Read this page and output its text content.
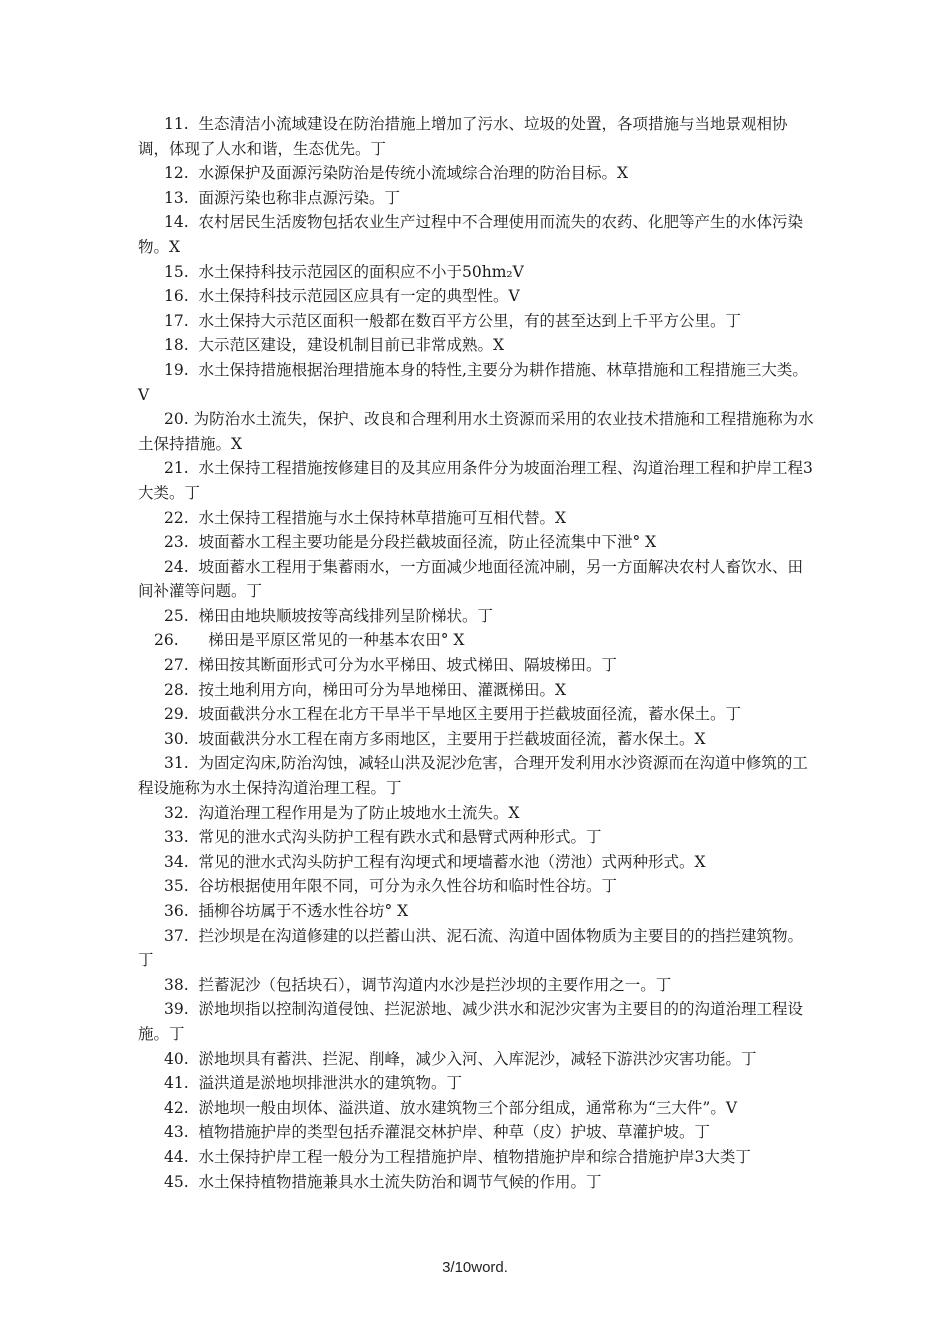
11.  生态清洁小流域建设在防治措施上增加了污水、垃圾的处置，各项措施与当地景观相协调，体现了人水和谐，生态优先。丁

12.  水源保护及面源污染防治是传统小流域综合治理的防治目标。X

13.  面源污染也称非点源污染。丁

14.  农村居民生活废物包括农业生产过程中不合理使用而流失的农药、化肥等产生的水体污染物。X

15.  水土保持科技示范园区的面积应不小于50hm₂V

16.  水土保持科技示范园区应具有一定的典型性。V

17.  水土保持大示范区面积一般都在数百平方公里，有的甚至达到上千平方公里。丁

18.  大示范区建设，建设机制目前已非常成熟。X

19.  水土保持措施根据治理措施本身的特性,主要分为耕作措施、林草措施和工程措施三大类。V

20. 为防治水土流失，保护、改良和合理利用水土资源而采用的农业技术措施和工程措施称为水土保持措施。X

21.  水土保持工程措施按修建目的及其应用条件分为坡面治理工程、沟道治理工程和护岸工程3大类。丁

22.  水土保持工程措施与水土保持林草措施可互相代替。X

23.  坡面蓄水工程主要功能是分段拦截坡面径流，防止径流集中下泄° X

24.  坡面蓄水工程用于集蓄雨水，一方面减少地面径流冲刷，另一方面解决农村人畜饮水、田间补灌等问题。丁

25.  梯田由地块顺坡按等高线排列呈阶梯状。丁

26.      梯田是平原区常见的一种基本农田° X

27.  梯田按其断面形式可分为水平梯田、坡式梯田、隔坡梯田。丁

28.  按土地利用方向，梯田可分为旱地梯田、灌溉梯田。X

29.  坡面截洪分水工程在北方干旱半干旱地区主要用于拦截坡面径流，蓄水保土。丁

30.  坡面截洪分水工程在南方多雨地区，主要用于拦截坡面径流，蓄水保土。X

31.  为固定沟床,防治沟蚀，减轻山洪及泥沙危害，合理开发利用水沙资源而在沟道中修筑的工程设施称为水土保持沟道治理工程。丁

32.  沟道治理工程作用是为了防止坡地水土流失。X

33.  常见的泄水式沟头防护工程有跌水式和悬臂式两种形式。丁

34.  常见的泄水式沟头防护工程有沟埂式和埂墙蓄水池（涝池）式两种形式。X

35.  谷坊根据使用年限不同，可分为永久性谷坊和临时性谷坊。丁

36.  插柳谷坊属于不透水性谷坊° X

37.  拦沙坝是在沟道修建的以拦蓄山洪、泥石流、沟道中固体物质为主要目的的挡拦建筑物。丁

38.  拦蓄泥沙（包括块石），调节沟道内水沙是拦沙坝的主要作用之一。丁

39.  淤地坝指以控制沟道侵蚀、拦泥淤地、减少洪水和泥沙灾害为主要目的的沟道治理工程设施。丁

40.  淤地坝具有蓄洪、拦泥、削峰，减少入河、入库泥沙，减轻下游洪沙灾害功能。丁

41.  溢洪道是淤地坝排泄洪水的建筑物。丁

42.  淤地坝一般由坝体、溢洪道、放水建筑物三个部分组成，通常称为“三大件”。V

43.  植物措施护岸的类型包括乔灌混交林护岸、种草（皮）护坡、草灌护坡。丁

44.  水土保持护岸工程一般分为工程措施护岸、植物措施护岸和综合措施护岸3大类丁

45.  水土保持植物措施兼具水土流失防治和调节气候的作用。丁

3/10word.
